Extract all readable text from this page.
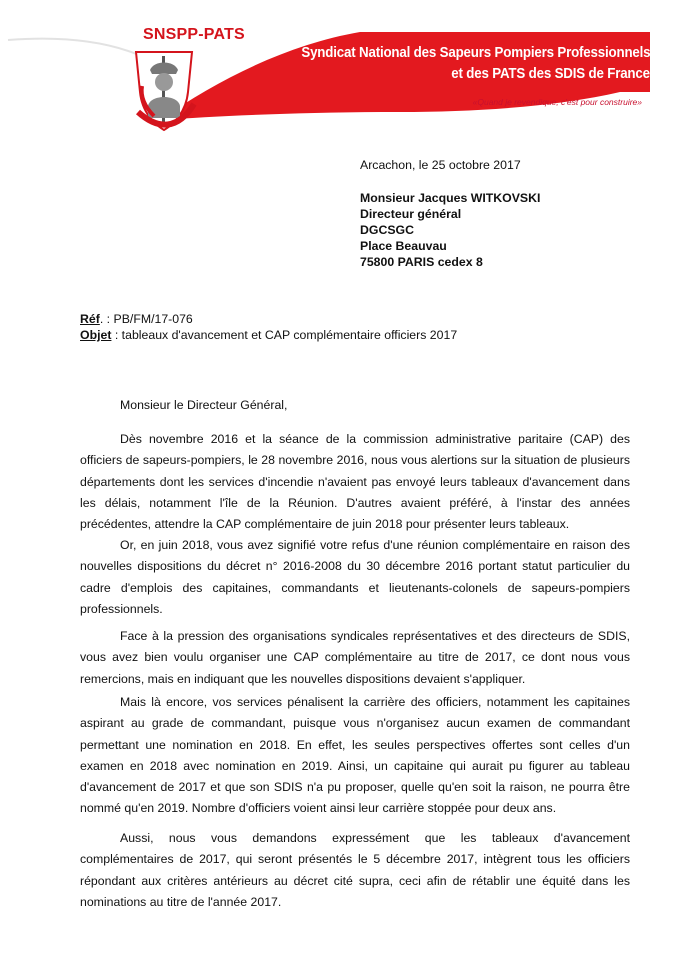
SNSPP-PATS
Syndicat National des Sapeurs Pompiers Professionnels
et des PATS des SDIS de France
«Quand je revendique, c'est pour construire»
Arcachon, le 25 octobre 2017
Monsieur Jacques WITKOVSKI
Directeur général
DGCSGC
Place Beauvau
75800 PARIS cedex 8
Réf. : PB/FM/17-076
Objet : tableaux d'avancement et CAP complémentaire officiers 2017
Monsieur le Directeur Général,

Dès novembre 2016 et la séance de la commission administrative paritaire (CAP) des officiers de sapeurs-pompiers, le 28 novembre 2016, nous vous alertions sur la situation de plusieurs départements dont les services d'incendie n'avaient pas envoyé leurs tableaux d'avancement dans les délais, notamment l'île de la Réunion. D'autres avaient préféré, à l'instar des années précédentes, attendre la CAP complémentaire de juin 2018 pour présenter leurs tableaux.

Or, en juin 2018, vous avez signifié votre refus d'une réunion complémentaire en raison des nouvelles dispositions du décret n° 2016-2008 du 30 décembre 2016 portant statut particulier du cadre d'emplois des capitaines, commandants et lieutenants-colonels de sapeurs-pompiers professionnels.

Face à la pression des organisations syndicales représentatives et des directeurs de SDIS, vous avez bien voulu organiser une CAP complémentaire au titre de 2017, ce dont nous vous remercions, mais en indiquant que les nouvelles dispositions devaient s'appliquer.

Mais là encore, vos services pénalisent la carrière des officiers, notamment les capitaines aspirant au grade de commandant, puisque vous n'organisez aucun examen de commandant permettant une nomination en 2018. En effet, les seules perspectives offertes sont celles d'un examen en 2018 avec nomination en 2019. Ainsi, un capitaine qui aurait pu figurer au tableau d'avancement de 2017 et que son SDIS n'a pu proposer, quelle qu'en soit la raison, ne pourra être nommé qu'en 2019. Nombre d'officiers voient ainsi leur carrière stoppée pour deux ans.

Aussi, nous vous demandons expressément que les tableaux d'avancement complémentaires de 2017, qui seront présentés le 5 décembre 2017, intègrent tous les officiers répondant aux critères antérieurs au décret cité supra, ceci afin de rétablir une équité dans les nominations au titre de l'année 2017.
